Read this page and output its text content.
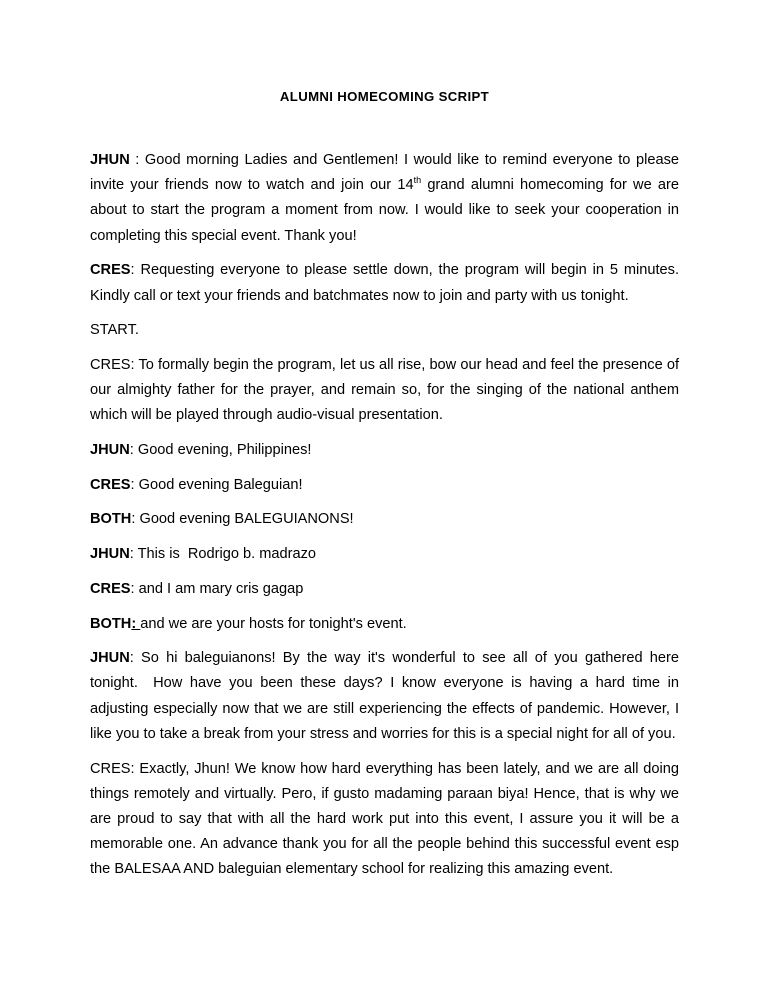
ALUMNI HOMECOMING SCRIPT

JHUN : Good morning Ladies and Gentlemen! I would like to remind everyone to please invite your friends now to watch and join our 14th grand alumni homecoming for we are about to start the program a moment from now. I would like to seek your cooperation in completing this special event. Thank you!

CRES: Requesting everyone to please settle down, the program will begin in 5 minutes. Kindly call or text your friends and batchmates now to join and party with us tonight.

START.

CRES: To formally begin the program, let us all rise, bow our head and feel the presence of our almighty father for the prayer, and remain so, for the singing of the national anthem which will be played through audio-visual presentation.

JHUN: Good evening, Philippines!

CRES: Good evening Baleguian!

BOTH: Good evening BALEGUIANONS!

JHUN: This is  Rodrigo b. madrazo

CRES: and I am mary cris gagap

BOTH: and we are your hosts for tonight's event.

JHUN: So hi baleguianons! By the way it's wonderful to see all of you gathered here tonight.  How have you been these days? I know everyone is having a hard time in adjusting especially now that we are still experiencing the effects of pandemic. However, I like you to take a break from your stress and worries for this is a special night for all of you.

CRES: Exactly, Jhun! We know how hard everything has been lately, and we are all doing things remotely and virtually. Pero, if gusto madaming paraan biya! Hence, that is why we are proud to say that with all the hard work put into this event, I assure you it will be a memorable one. An advance thank you for all the people behind this successful event esp the BALESAA AND baleguian elementary school for realizing this amazing event.
